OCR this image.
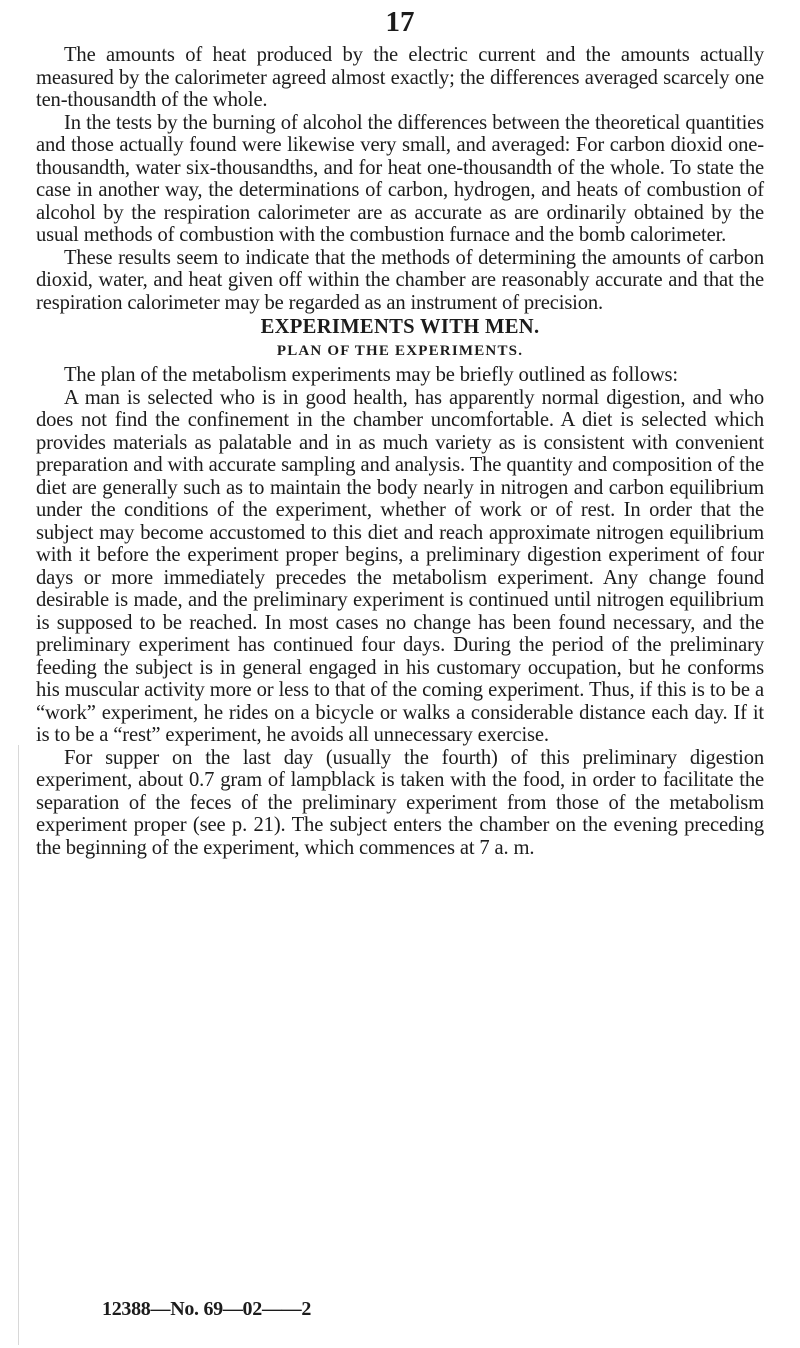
17

The amounts of heat produced by the electric current and the amounts actually measured by the calorimeter agreed almost exactly; the differences averaged scarcely one ten-thousandth of the whole.

In the tests by the burning of alcohol the differences between the theoretical quantities and those actually found were likewise very small, and averaged: For carbon dioxid one-thousandth, water six-thousandths, and for heat one-thousandth of the whole. To state the case in another way, the determinations of carbon, hydrogen, and heats of combustion of alcohol by the respiration calorimeter are as accurate as are ordinarily obtained by the usual methods of combustion with the combustion furnace and the bomb calorimeter.

These results seem to indicate that the methods of determining the amounts of carbon dioxid, water, and heat given off within the chamber are reasonably accurate and that the respiration calorimeter may be regarded as an instrument of precision.

EXPERIMENTS WITH MEN.
PLAN OF THE EXPERIMENTS.

The plan of the metabolism experiments may be briefly outlined as follows:

A man is selected who is in good health, has apparently normal digestion, and who does not find the confinement in the chamber uncomfortable. A diet is selected which provides materials as palatable and in as much variety as is consistent with convenient preparation and with accurate sampling and analysis. The quantity and composition of the diet are generally such as to maintain the body nearly in nitrogen and carbon equilibrium under the conditions of the experiment, whether of work or of rest. In order that the subject may become accustomed to this diet and reach approximate nitrogen equilibrium with it before the experiment proper begins, a preliminary digestion experiment of four days or more immediately precedes the metabolism experiment. Any change found desirable is made, and the preliminary experiment is continued until nitrogen equilibrium is supposed to be reached. In most cases no change has been found necessary, and the preliminary experiment has continued four days. During the period of the preliminary feeding the subject is in general engaged in his customary occupation, but he conforms his muscular activity more or less to that of the coming experiment. Thus, if this is to be a “work” experiment, he rides on a bicycle or walks a considerable distance each day. If it is to be a “rest” experiment, he avoids all unnecessary exercise.

For supper on the last day (usually the fourth) of this preliminary digestion experiment, about 0.7 gram of lampblack is taken with the food, in order to facilitate the separation of the feces of the preliminary experiment from those of the metabolism experiment proper (see p. 21). The subject enters the chamber on the evening preceding the beginning of the experiment, which commences at 7 a. m.

12388—No. 69—02——2
